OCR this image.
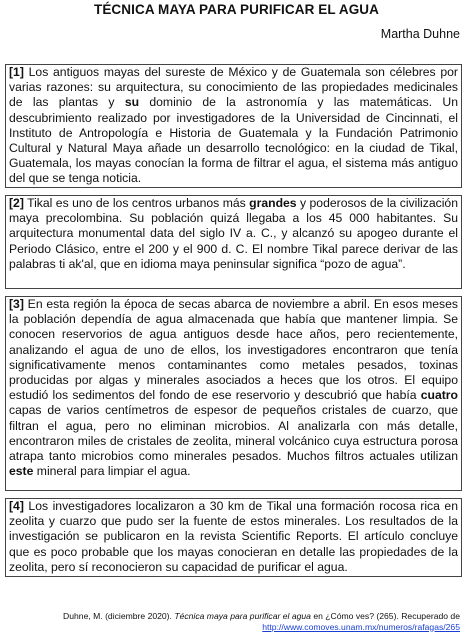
TÉCNICA MAYA PARA PURIFICAR EL AGUA
Martha Duhne
[1] Los antiguos mayas del sureste de México y de Guatemala son célebres por varias razones: su arquitectura, su conocimiento de las propiedades medicinales de las plantas y su dominio de la astronomía y las matemáticas. Un descubrimiento realizado por investigadores de la Universidad de Cincinnati, el Instituto de Antropología e Historia de Guatemala y la Fundación Patrimonio Cultural y Natural Maya añade un desarrollo tecnológico: en la ciudad de Tikal, Guatemala, los mayas conocían la forma de filtrar el agua, el sistema más antiguo del que se tenga noticia.
[2] Tikal es uno de los centros urbanos más grandes y poderosos de la civilización maya precolombina. Su población quizá llegaba a los 45 000 habitantes. Su arquitectura monumental data del siglo IV a. C., y alcanzó su apogeo durante el Periodo Clásico, entre el 200 y el 900 d. C. El nombre Tikal parece derivar de las palabras ti ak'al, que en idioma maya peninsular significa “pozo de agua”.
[3] En esta región la época de secas abarca de noviembre a abril. En esos meses la población dependía de agua almacenada que había que mantener limpia. Se conocen reservorios de agua antiguos desde hace años, pero recientemente, analizando el agua de uno de ellos, los investigadores encontraron que tenía significativamente menos contaminantes como metales pesados, toxinas producidas por algas y minerales asociados a heces que los otros. El equipo estudió los sedimentos del fondo de ese reservorio y descubrió que había cuatro capas de varios centímetros de espesor de pequeños cristales de cuarzo, que filtran el agua, pero no eliminan microbios. Al analizarla con más detalle, encontraron miles de cristales de zeolita, mineral volcánico cuya estructura porosa atrapa tanto microbios como minerales pesados. Muchos filtros actuales utilizan este mineral para limpiar el agua.
[4] Los investigadores localizaron a 30 km de Tikal una formación rocosa rica en zeolita y cuarzo que pudo ser la fuente de estos minerales. Los resultados de la investigación se publicaron en la revista Scientific Reports. El artículo concluye que es poco probable que los mayas conocieran en detalle las propiedades de la zeolita, pero sí reconocieron su capacidad de purificar el agua.
Duhne, M. (diciembre 2020). Técnica maya para purificar el agua en ¿Cómo ves? (265). Recuperado de
http://www.comoves.unam.mx/numeros/rafagas/265
